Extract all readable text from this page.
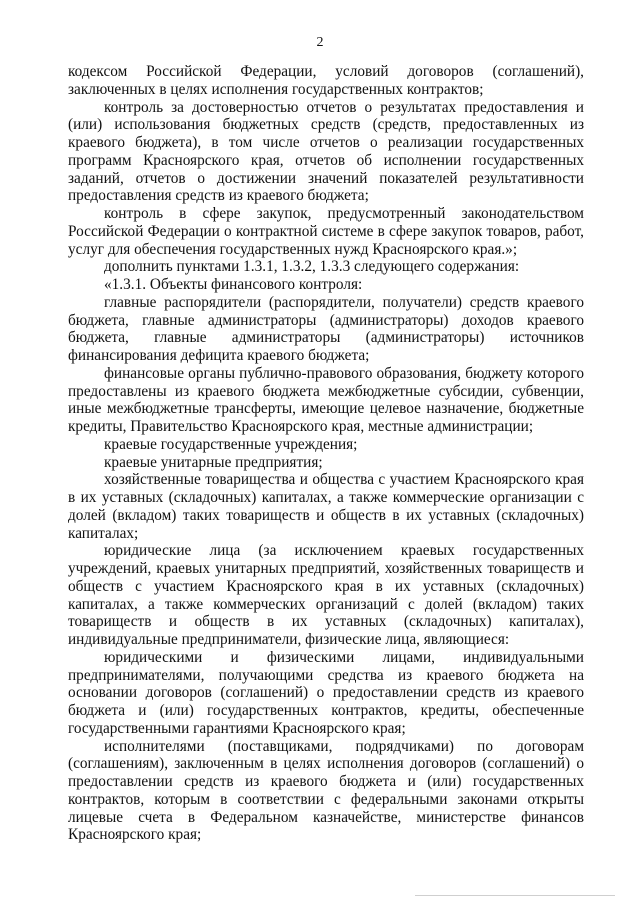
2

кодексом Российской Федерации, условий договоров (соглашений), заключенных в целях исполнения государственных контрактов;

контроль за достоверностью отчетов о результатах предоставления и (или) использования бюджетных средств (средств, предоставленных из краевого бюджета), в том числе отчетов о реализации государственных программ Красноярского края, отчетов об исполнении государственных заданий, отчетов о достижении значений показателей результативности предоставления средств из краевого бюджета;

контроль в сфере закупок, предусмотренный законодательством Российской Федерации о контрактной системе в сфере закупок товаров, работ, услуг для обеспечения государственных нужд Красноярского края.»;

дополнить пунктами 1.3.1, 1.3.2, 1.3.3 следующего содержания:

«1.3.1. Объекты финансового контроля:

главные распорядители (распорядители, получатели) средств краевого бюджета, главные администраторы (администраторы) доходов краевого бюджета, главные администраторы (администраторы) источников финансирования дефицита краевого бюджета;

финансовые органы публично-правового образования, бюджету которого предоставлены из краевого бюджета межбюджетные субсидии, субвенции, иные межбюджетные трансферты, имеющие целевое назначение, бюджетные кредиты, Правительство Красноярского края, местные администрации;

краевые государственные учреждения;

краевые унитарные предприятия;

хозяйственные товарищества и общества с участием Красноярского края в их уставных (складочных) капиталах, а также коммерческие организации с долей (вкладом) таких товариществ и обществ в их уставных (складочных) капиталах;

юридические лица (за исключением краевых государственных учреждений, краевых унитарных предприятий, хозяйственных товариществ и обществ с участием Красноярского края в их уставных (складочных) капиталах, а также коммерческих организаций с долей (вкладом) таких товариществ и обществ в их уставных (складочных) капиталах), индивидуальные предприниматели, физические лица, являющиеся:

юридическими и физическими лицами, индивидуальными предпринимателями, получающими средства из краевого бюджета на основании договоров (соглашений) о предоставлении средств из краевого бюджета и (или) государственных контрактов, кредиты, обеспеченные государственными гарантиями Красноярского края;

исполнителями (поставщиками, подрядчиками) по договорам (соглашениям), заключенным в целях исполнения договоров (соглашений) о предоставлении средств из краевого бюджета и (или) государственных контрактов, которым в соответствии с федеральными законами открыты лицевые счета в Федеральном казначействе, министерстве финансов Красноярского края;
